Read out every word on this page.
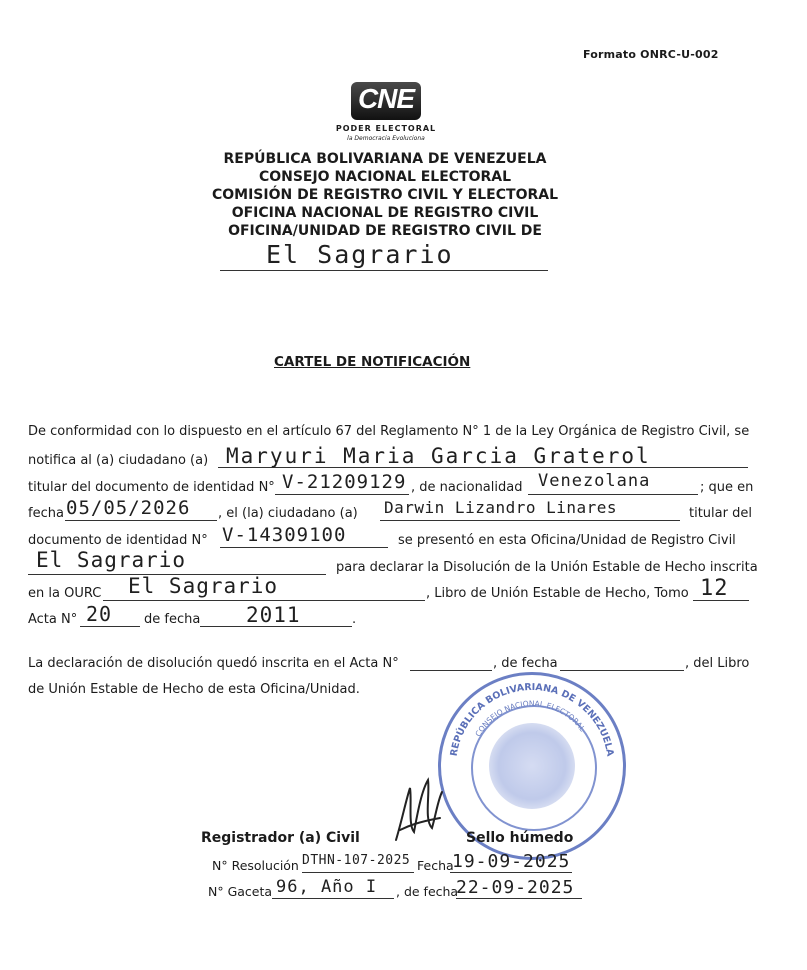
Formato ONRC-U-002
CNE
PODER ELECTORAL
la Democracia Evoluciona
REPÚBLICA BOLIVARIANA DE VENEZUELA
CONSEJO NACIONAL ELECTORAL
COMISIÓN DE REGISTRO CIVIL Y ELECTORAL
OFICINA NACIONAL DE REGISTRO CIVIL
OFICINA/UNIDAD DE REGISTRO CIVIL DE
El Sagrario
CARTEL DE NOTIFICACIÓN
De conformidad con lo dispuesto en el artículo 67 del Reglamento N° 1 de la Ley Orgánica de Registro Civil, se
notifica al (a) ciudadano (a) Maryuri Maria Garcia Graterol
titular del documento de identidad N° V-21209129 , de nacionalidad Venezolana	; que en
fecha 05/05/2026 , el (la) ciudadano (a) Darwin Lizandro Linares	titular del
documento de identidad N° V-14309100	se presentó en esta Oficina/Unidad de Registro Civil
El Sagrario	para declarar la Disolución de la Unión Estable de Hecho inscrita
en la OURC El Sagrario	, Libro de Unión Estable de Hecho, Tomo 12
Acta N° 20 de fecha 2011	.
La declaración de disolución quedó inscrita en el Acta N°	, de fecha	, del Libro
de Unión Estable de Hecho de esta Oficina/Unidad.
REPÚBLICA BOLIVARIANA DE VENEZUELA
CONSEJO NACIONAL ELECTORAL
Registrador (a) Civil	Sello húmedo
N° Resolución DTHN-107-2025 Fecha
19-09-2025
N° Gaceta 96, Año I , de fecha
22-09-2025
